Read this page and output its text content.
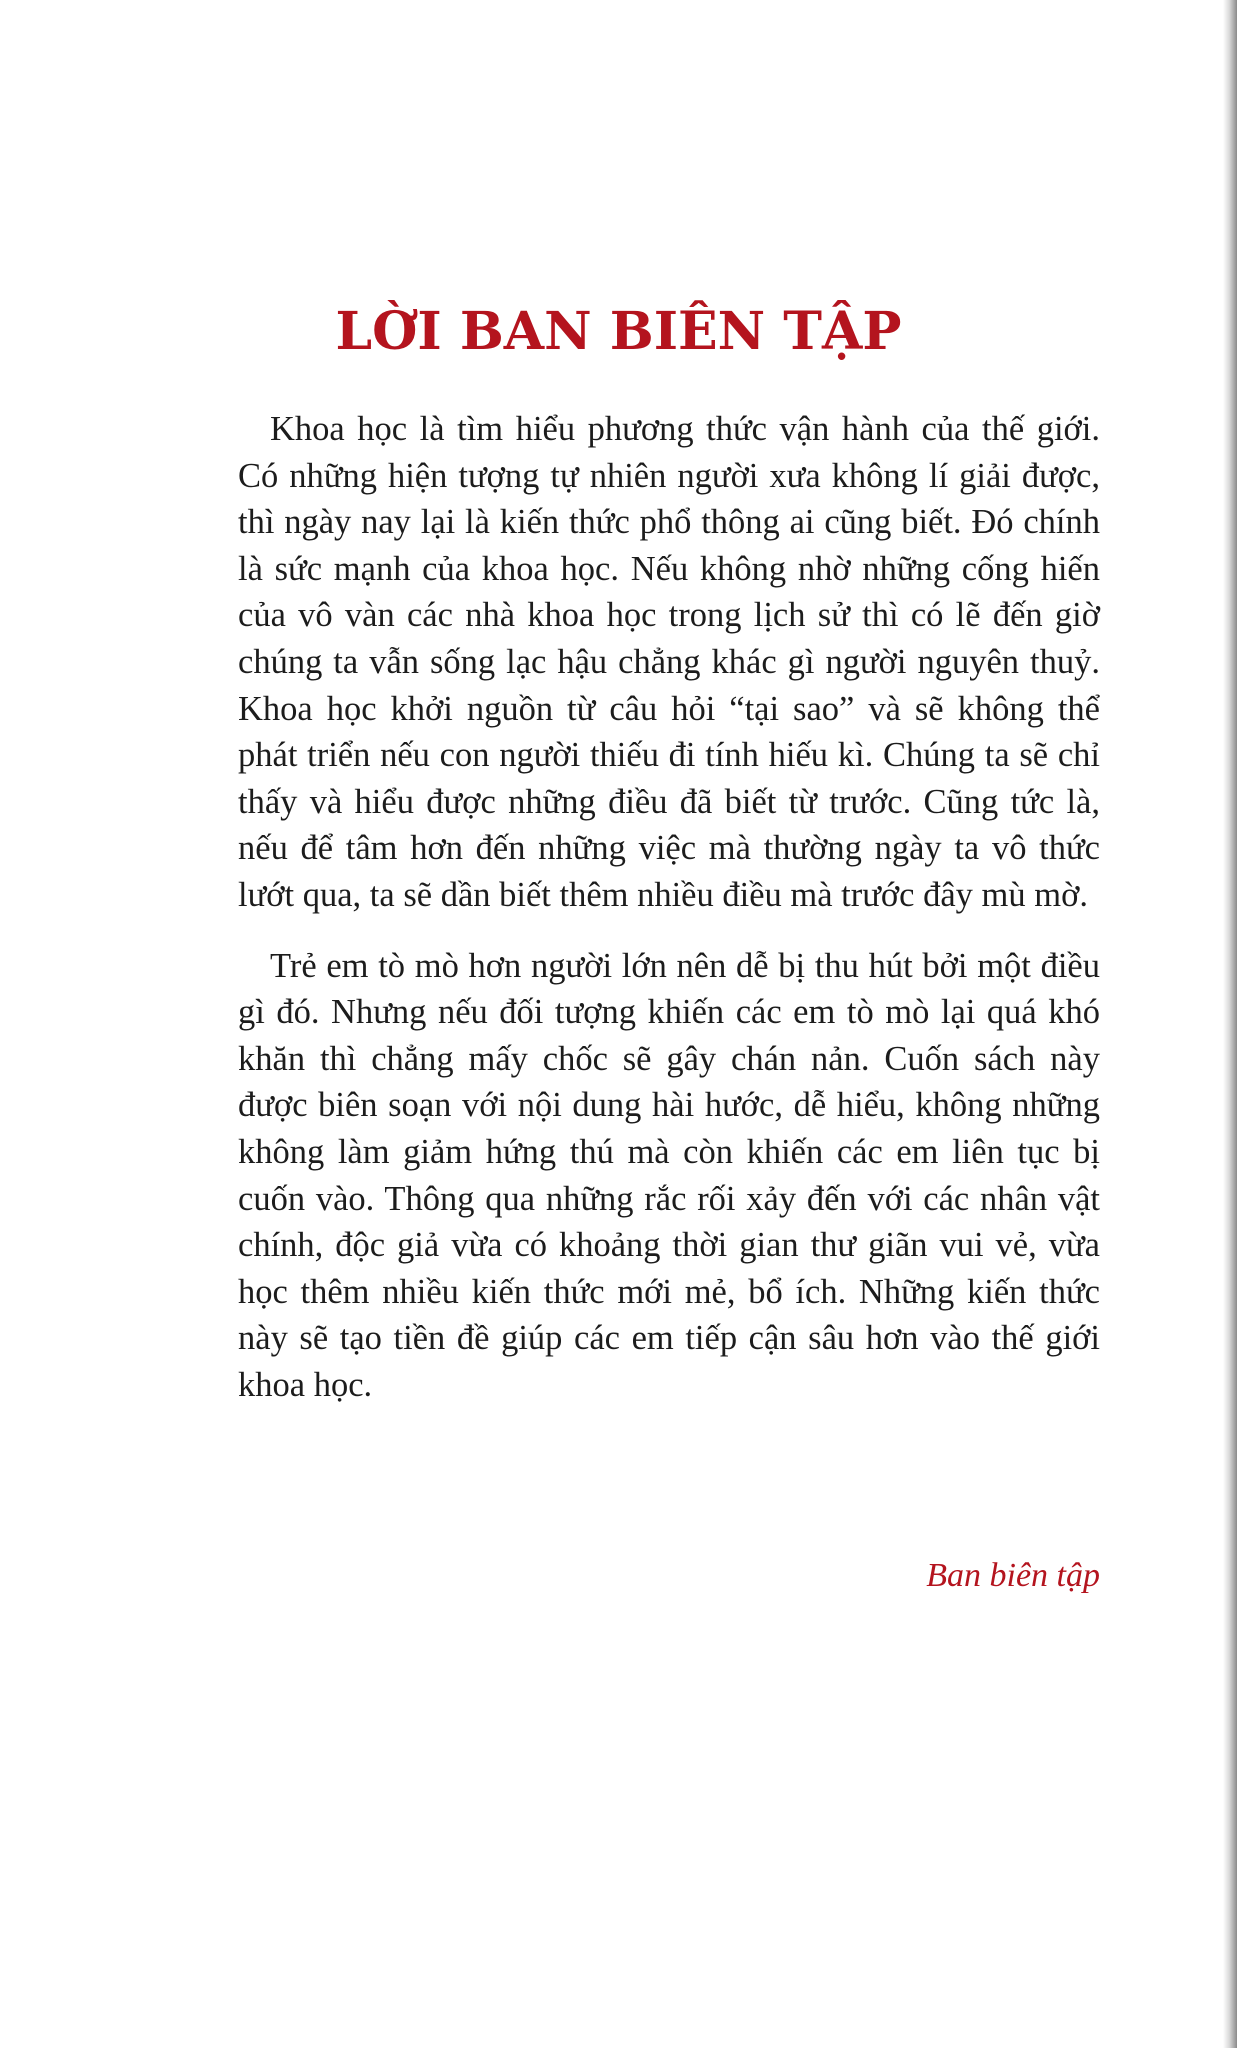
LỜI BAN BIÊN TẬP

Khoa học là tìm hiểu phương thức vận hành của thế giới. Có những hiện tượng tự nhiên người xưa không lí giải được, thì ngày nay lại là kiến thức phổ thông ai cũng biết. Đó chính là sức mạnh của khoa học. Nếu không nhờ những cống hiến của vô vàn các nhà khoa học trong lịch sử thì có lẽ đến giờ chúng ta vẫn sống lạc hậu chẳng khác gì người nguyên thuỷ. Khoa học khởi nguồn từ câu hỏi “tại sao” và sẽ không thể phát triển nếu con người thiếu đi tính hiếu kì. Chúng ta sẽ chỉ thấy và hiểu được những điều đã biết từ trước. Cũng tức là, nếu để tâm hơn đến những việc mà thường ngày ta vô thức lướt qua, ta sẽ dần biết thêm nhiều điều mà trước đây mù mờ.

Trẻ em tò mò hơn người lớn nên dễ bị thu hút bởi một điều gì đó. Nhưng nếu đối tượng khiến các em tò mò lại quá khó khăn thì chẳng mấy chốc sẽ gây chán nản. Cuốn sách này được biên soạn với nội dung hài hước, dễ hiểu, không những không làm giảm hứng thú mà còn khiến các em liên tục bị cuốn vào. Thông qua những rắc rối xảy đến với các nhân vật chính, độc giả vừa có khoảng thời gian thư giãn vui vẻ, vừa học thêm nhiều kiến thức mới mẻ, bổ ích. Những kiến thức này sẽ tạo tiền đề giúp các em tiếp cận sâu hơn vào thế giới khoa học.

Ban biên tập
